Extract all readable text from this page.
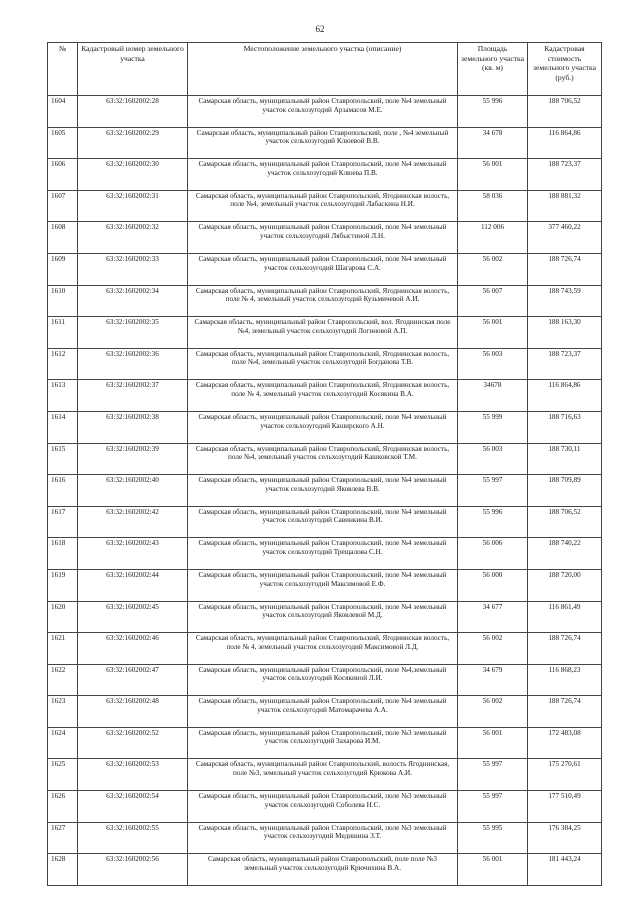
62
№	Кадастровый номер земельного участка	Местоположение земельного участка (описание)	Площадь земельного участка (кв. м)	Кадастровая стоимость земельного участка (руб.)
1604	63:32:1602002:28	Самарская область, муниципальный район Ставропольский, поле №4 земельный участок сельхозугодий Арзамасов М.Е.	55 996	188 706,52
1605	63:32:1602002:29	Самарская область, муниципальный район Ставропольский, поле , №4 земельный участок сельхозугодий Клюевой В.В.	34 678	116 864,86
1606	63:32:1602002:30	Самарская область, муниципальный район Ставропольский, поле №4 земельный участок сельхозугодий Клюева П.В.	56 001	188 723,37
1607	63:32:1602002:31	Самарская область, муниципальный район Ставропольский, Ягоднинская волость, поле №4, земельный участок сельхозугодий Лабаскина Н.И.	58 036	188 881,32
1608	63:32:1602002:32	Самарская область, муниципальный район Ставропольский, поле №4 земельный участок сельхозугодий Лябыстиной Л.Н.	112 006	377 460,22
1609	63:32:1602002:33	Самарская область, муниципальный район Ставропольский, поле №4 земельный участок сельхозугодий Шагарова С.А.	56 002	188 726,74
1610	63:32:1602002:34	Самарская область, муниципальный район Ставропольский, Ягоднинская волость, поле № 4, земельный участок сельхозугодий Кузьмичевой А.И.	56 007	188 743,59
1611	63:32:1602002:35	Самарская область, муниципальный район Ставропольский, вол. Ягоднинская поле №4, земельный участок сельхозугодий Логиновой А.П.	56 001	188 163,30
1612	63:32:1602002:36	Самарская область, муниципальный район Ставропольский, Ягоднинская волость, поле №4, земельный участок сельхозугодий Богданова Т.В.	56 003	188 723,37
1613	63:32:1602002:37	Самарская область, муниципальный район Ставропольский, Ягоднинская волость, поле № 4, земельный участок сельхозугодий Косякина В.А.	34678	116 864,86
1614	63:32:1602002:38	Самарская область, муниципальный район Ставропольский, поле №4 земельный участок сельхозугодий Каширского А.Н.	55 999	188 716,63
1615	63:32:1602002:39	Самарская область, муниципальный район Ставропольский, Ягоднинская волость, поле №4, земельный участок сельхозугодий Кашковской Т.М.	56 003	188 730,11
1616	63:32:1602002:40	Самарская область, муниципальный район Ставропольский, поле №4 земельный участок сельхозугодий Яковлева В.В.	55 997	188 709,89
1617	63:32:1602002:42	Самарская область, муниципальный район Ставропольский, поле №4 земельный участок сельхозугодий Савинкина В.И.	55 996	188 706,52
1618	63:32:1602002:43	Самарская область, муниципальный район Ставропольский, поле №4 земельный участок сельхозугодий Трещалова С.Н.	56 006	188 740,22
1619	63:32:1602002:44	Самарская область, муниципальный район Ставропольский, поле №4 земельный участок сельхозугодий Максимовой Е.Ф.	56 000	188 720,00
1620	63:32:1602002:45	Самарская область, муниципальный район Ставропольский, поле №4 земельный участок сельхозугодий Яковлевой М.Д.	34 677	116 861,49
1621	63:32:1602002:46	Самарская область, муниципальный район Ставропольский, Ягоднинская волость, поле № 4, земельный участок сельхозугодий Максимовой Л.Д.	56 002	188 726,74
1622	63:32:1602002:47	Самарская область, муниципальный район Ставропольский, поле №4,земельный участок сельхозугодий Косякиной Л.И.	34 679	116 868,23
1623	63:32:1602002:48	Самарская область, муниципальный район Ставропольский, поле №4 земельный участок сельхозугодий Матомарачева А.А.	56 002	188 726,74
1624	63:32:1602002:52	Самарская область, муниципальный район Ставропольский, поле №3 земельный участок сельхозугодий Захарова И.М.	56 001	172 483,08
1625	63:32:1602002:53	Самарская область, муниципальный район Ставропольский, волость Ягоднинская, поле №3, земельный участок сельхозугодий Крюкова А.И.	55 997	175 270,61
1626	63:32:1602002:54	Самарская область, муниципальный район Ставропольский, поле №3 земельный участок сельхозугодий Соболева Н.С.	55 997	177 510,49
1627	63:32:1602002:55	Самарская область, муниципальный район Ставропольский, поле №3 земельный участок сельхозугодий Медишина З.Т.	55 995	176 384,25
1628	63:32:1602002:56	Самарская область, муниципальный район Ставропольский, поле поле №3 земельный участок сельхозугодий Крючихина В.А.	56 001	181 443,24
